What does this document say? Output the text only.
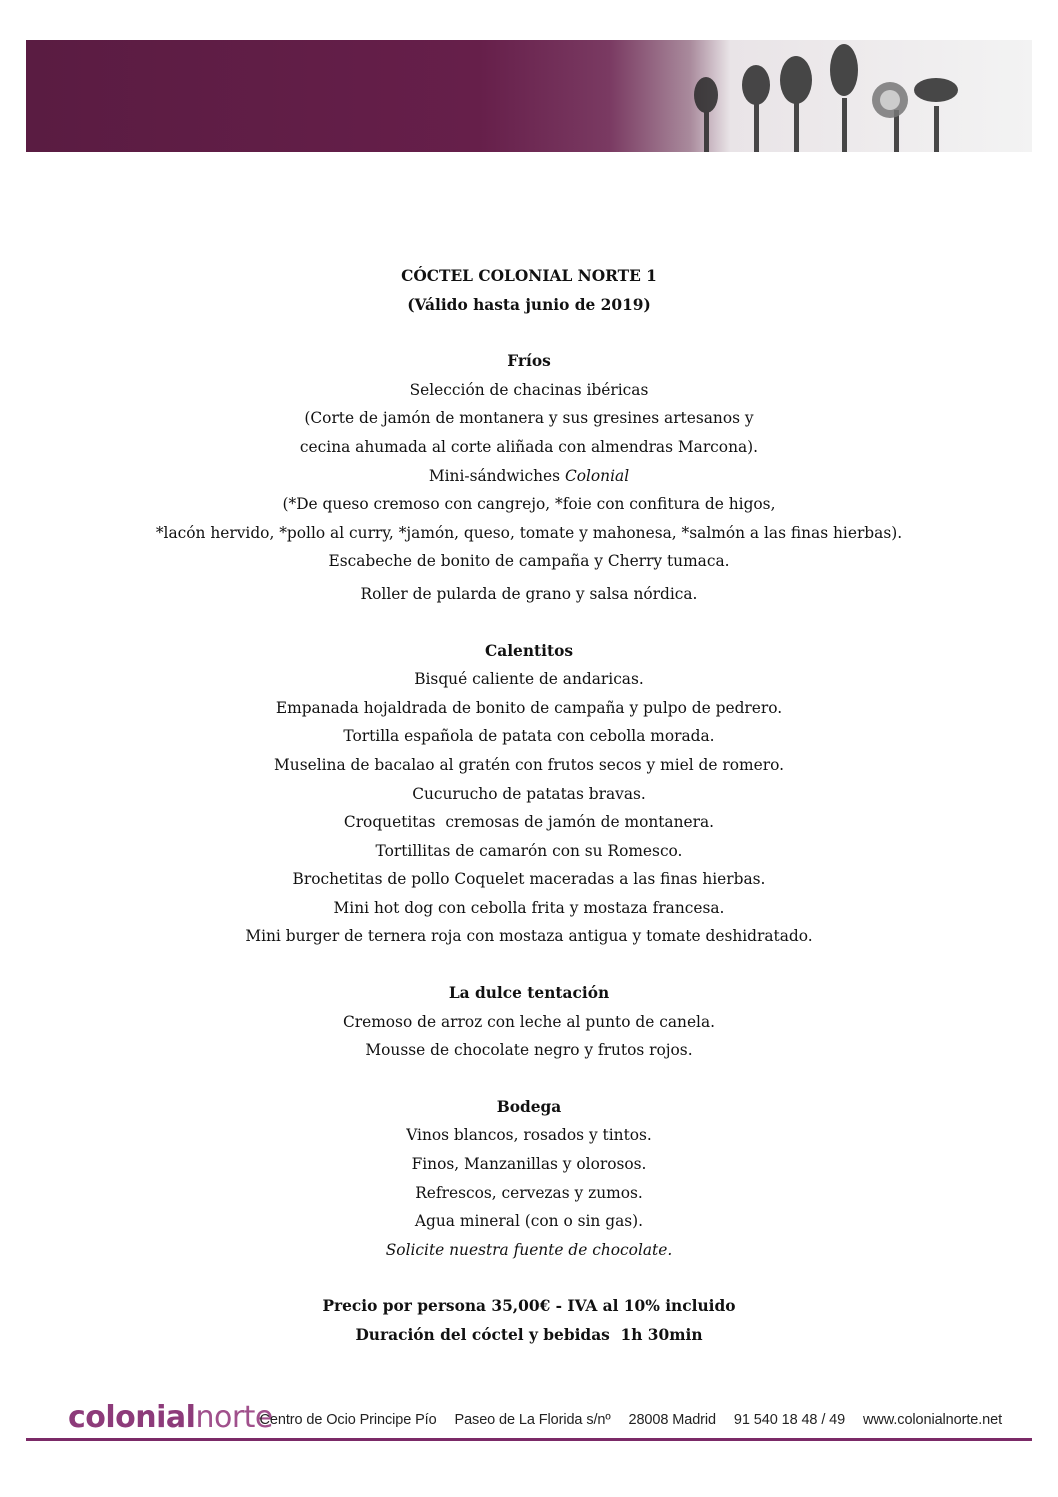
CÓCTEL COLONIAL NORTE 1
(Válido hasta junio de 2019)
Fríos
Selección de chacinas ibéricas
(Corte de jamón de montanera y sus gresines artesanos y
cecina ahumada al corte aliñada con almendras Marcona).
Mini-sándwiches Colonial
(*De queso cremoso con cangrejo, *foie con confitura de higos,
*lacón hervido, *pollo al curry, *jamón, queso, tomate y mahonesa, *salmón a las finas hierbas).
Escabeche de bonito de campaña y Cherry tumaca.
Roller de pularda de grano y salsa nórdica.
Calentitos
Bisqué caliente de andaricas.
Empanada hojaldrada de bonito de campaña y pulpo de pedrero.
Tortilla española de patata con cebolla morada.
Muselina de bacalao al gratén con frutos secos y miel de romero.
Cucurucho de patatas bravas.
Croquetitas  cremosas de jamón de montanera.
Tortillitas de camarón con su Romesco.
Brochetitas de pollo Coquelet maceradas a las finas hierbas.
Mini hot dog con cebolla frita y mostaza francesa.
Mini burger de ternera roja con mostaza antigua y tomate deshidratado.
La dulce tentación
Cremoso de arroz con leche al punto de canela.
Mousse de chocolate negro y frutos rojos.
Bodega
Vinos blancos, rosados y tintos.
Finos, Manzanillas y olorosos.
Refrescos, cervezas y zumos.
Agua mineral (con o sin gas).
Solicite nuestra fuente de chocolate.
Precio por persona 35,00€ - IVA al 10% incluido
Duración del cóctel y bebidas  1h 30min
colonialnorte
Centro de Ocio Principe Pío Paseo de La Florida s/nº 28008 Madrid 91 540 18 48 / 49 www.colonialnorte.net
